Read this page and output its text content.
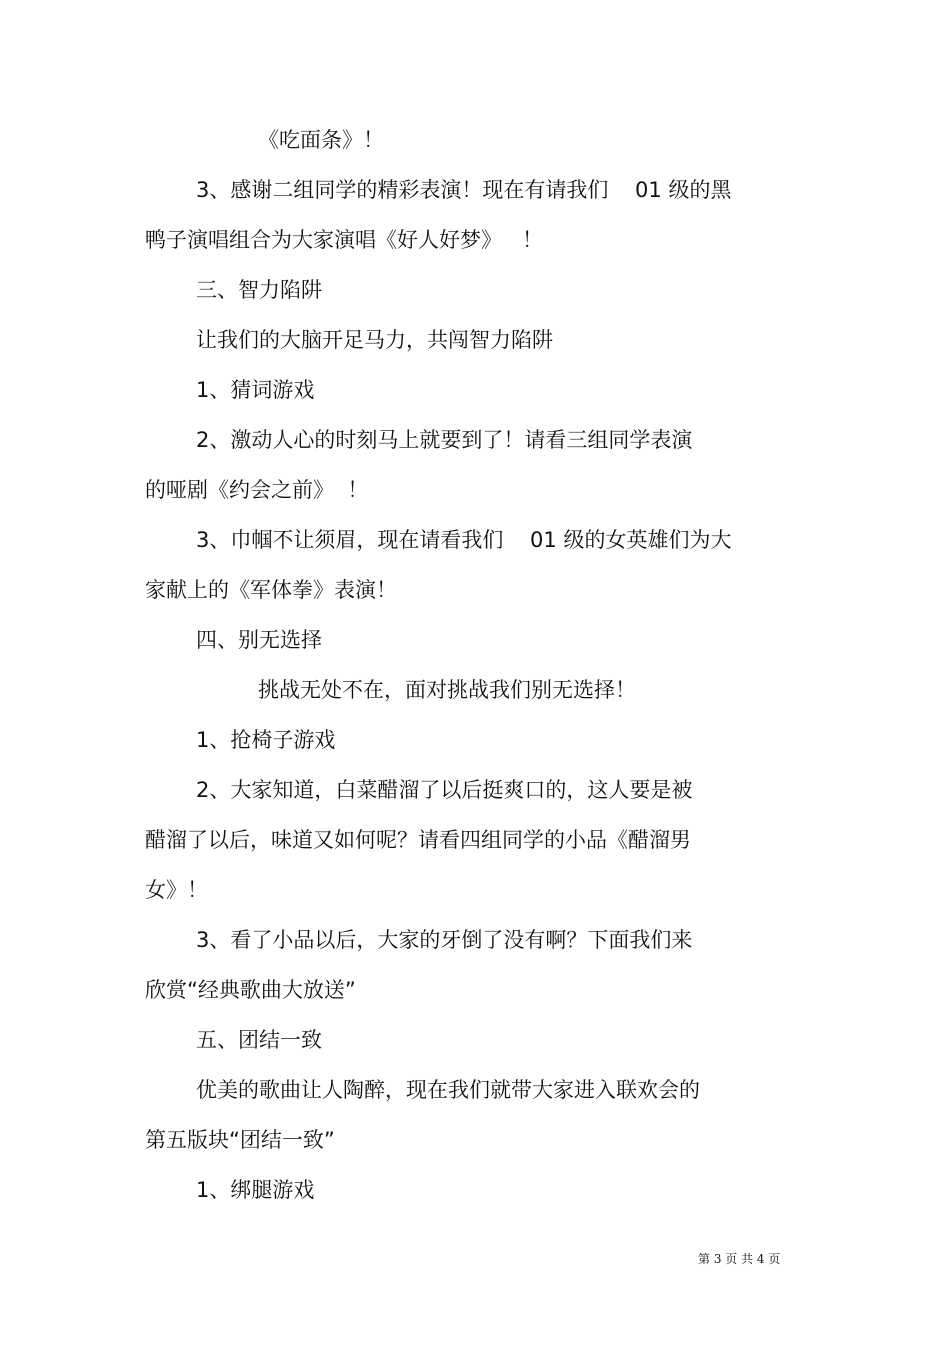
《吃面条》！

3、感谢二组同学的精彩表演！现在有请我们    01 级的黑

鸭子演唱组合为大家演唱《好人好梦》   ！

三、智力陷阱

让我们的大脑开足马力，共闯智力陷阱

1、猜词游戏

2、激动人心的时刻马上就要到了！请看三组同学表演

的哑剧《约会之前》  ！

3、巾帼不让须眉，现在请看我们    01 级的女英雄们为大

家献上的《军体拳》表演！

四、别无选择

挑战无处不在，面对挑战我们别无选择！

1、抢椅子游戏

2、大家知道，白菜醋溜了以后挺爽口的，这人要是被

醋溜了以后，味道又如何呢？请看四组同学的小品《醋溜男

女》！

3、看了小品以后，大家的牙倒了没有啊？下面我们来

欣赏“经典歌曲大放送”

五、团结一致

优美的歌曲让人陶醉，现在我们就带大家进入联欢会的

第五版块“团结一致”

1、绑腿游戏

第 3 页 共 4 页
